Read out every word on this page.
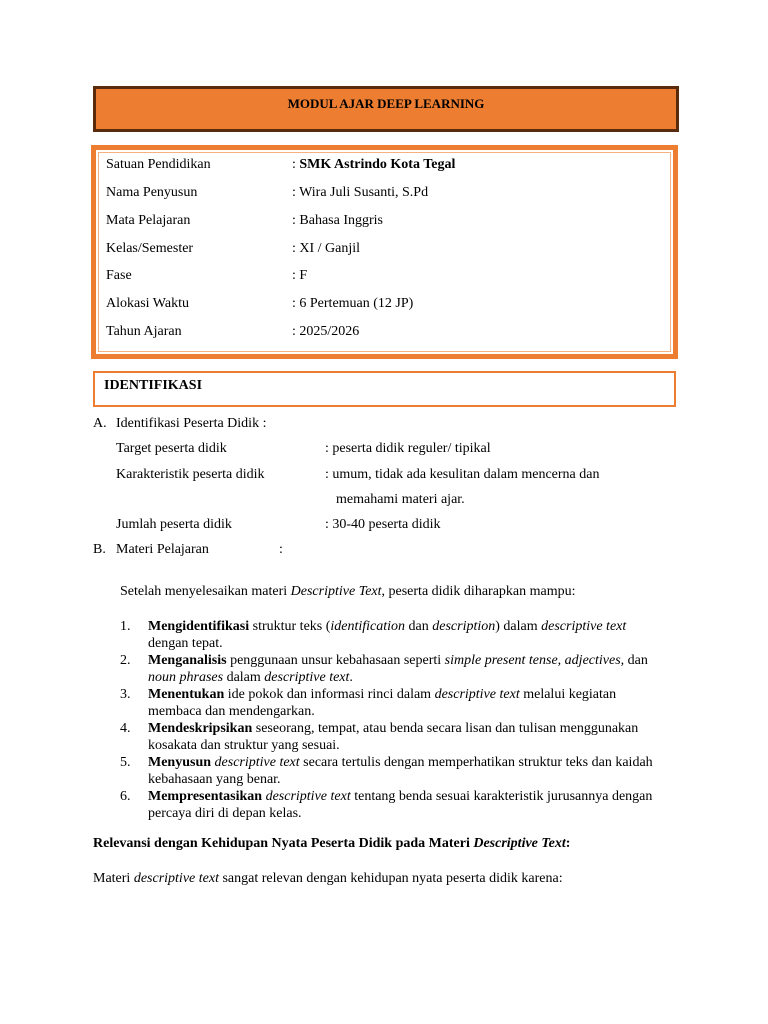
MODUL AJAR DEEP LEARNING
Satuan Pendidikan	: SMK Astrindo Kota Tegal
Nama Penyusun	: Wira Juli Susanti, S.Pd
Mata Pelajaran	: Bahasa Inggris
Kelas/Semester	: XI / Ganjil
Fase	: F
Alokasi Waktu	: 6 Pertemuan (12 JP)
Tahun Ajaran	: 2025/2026
IDENTIFIKASI
A. Identifikasi Peserta Didik :
Target peserta didik	: peserta didik reguler/ tipikal
Karakteristik peserta didik	: umum, tidak ada kesulitan dalam mencerna dan
memahami materi ajar.
Jumlah peserta didik	: 30-40 peserta didik
B. Materi Pelajaran	:
Setelah menyelesaikan materi Descriptive Text, peserta didik diharapkan mampu:
1. Mengidentifikasi struktur teks (identification dan description) dalam descriptive text dengan tepat.
2. Menganalisis penggunaan unsur kebahasaan seperti simple present tense, adjectives, dan noun phrases dalam descriptive text.
3. Menentukan ide pokok dan informasi rinci dalam descriptive text melalui kegiatan membaca dan mendengarkan.
4. Mendeskripsikan seseorang, tempat, atau benda secara lisan dan tulisan menggunakan kosakata dan struktur yang sesuai.
5. Menyusun descriptive text secara tertulis dengan memperhatikan struktur teks dan kaidah kebahasaan yang benar.
6. Mempresentasikan descriptive text tentang benda sesuai karakteristik jurusannya dengan percaya diri di depan kelas.
Relevansi dengan Kehidupan Nyata Peserta Didik pada Materi Descriptive Text:
Materi descriptive text sangat relevan dengan kehidupan nyata peserta didik karena:
